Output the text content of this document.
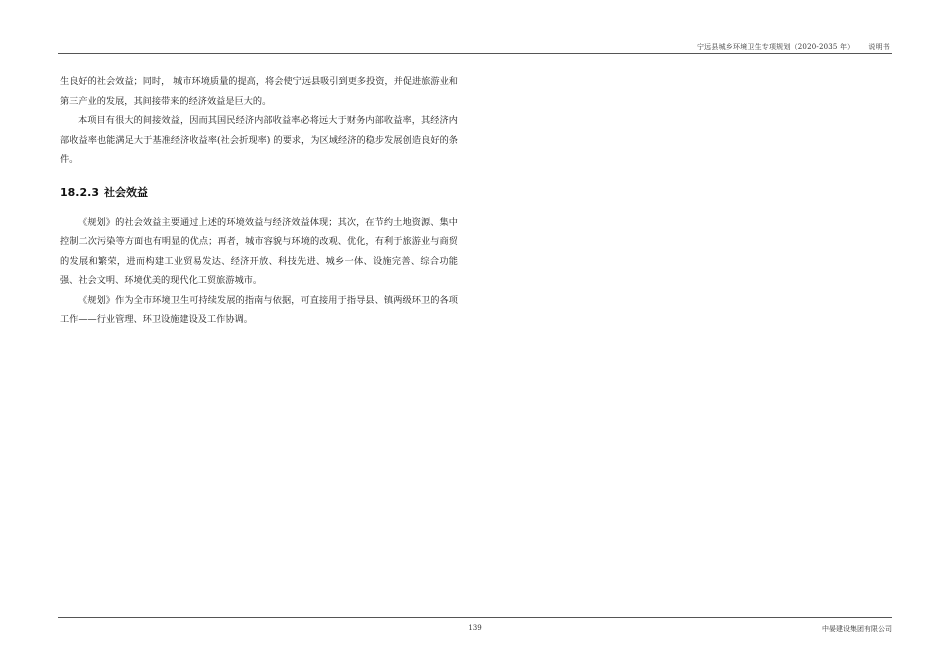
宁远县城乡环境卫生专项规划（2020-2035 年） 说明书

生良好的社会效益；同时， 城市环境质量的提高，将会使宁远县吸引到更多投资，并促进旅游业和第三产业的发展，其间接带来的经济效益是巨大的。

本项目有很大的间接效益，因而其国民经济内部收益率必将远大于财务内部收益率，其经济内部收益率也能满足大于基准经济收益率(社会折现率) 的要求，为区域经济的稳步发展创造良好的条件。

18.2.3 社会效益

《规划》的社会效益主要通过上述的环境效益与经济效益体现；其次，在节约土地资源、集中控制二次污染等方面也有明显的优点；再者，城市容貌与环境的改观、优化，有利于旅游业与商贸的发展和繁荣，进而构建工业贸易发达、经济开放、科技先进、城乡一体、设施完善、综合功能强、社会文明、环境优美的现代化工贸旅游城市。

《规划》作为全市环境卫生可持续发展的指南与依据，可直接用于指导县、镇两级环卫的各项工作——行业管理、环卫设施建设及工作协调。

139	中晏建设集团有限公司
